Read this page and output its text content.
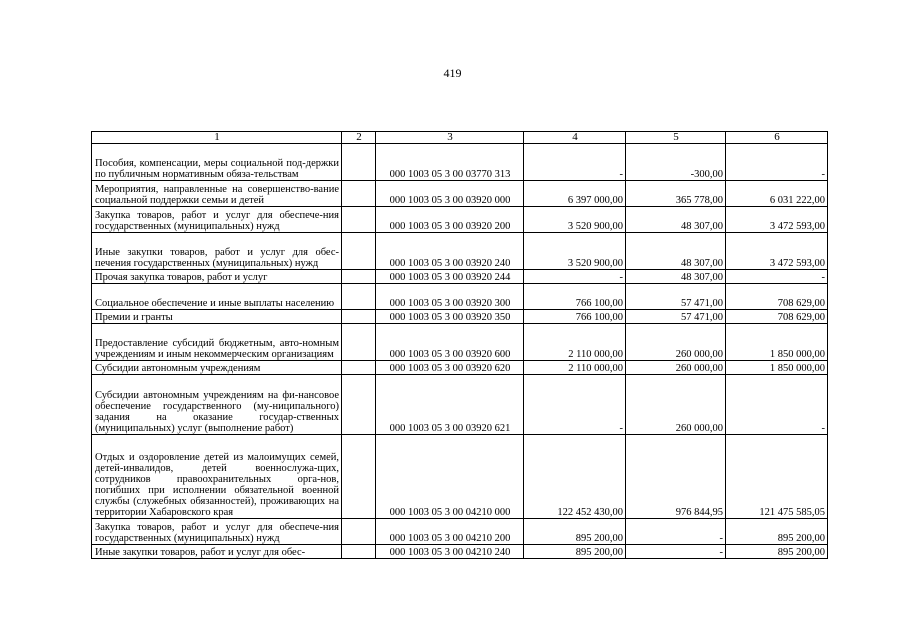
419
1	2	3	4	5	6
Пособия, компенсации, меры социальной под-держки по публичным нормативным обяза-тельствам		000 1003 05 3 00 03770 313	-	-300,00	-
Мероприятия, направленные на совершенство-вание социальной поддержки семьи и детей		000 1003 05 3 00 03920 000	6 397 000,00	365 778,00	6 031 222,00
Закупка товаров, работ и услуг для обеспече-ния государственных (муниципальных) нужд		000 1003 05 3 00 03920 200	3 520 900,00	48 307,00	3 472 593,00
Иные закупки товаров, работ и услуг для обес-печения государственных (муниципальных) нужд		000 1003 05 3 00 03920 240	3 520 900,00	48 307,00	3 472 593,00
Прочая закупка товаров, работ и услуг		000 1003 05 3 00 03920 244	-	48 307,00	-
Социальное обеспечение и иные выплаты населению		000 1003 05 3 00 03920 300	766 100,00	57 471,00	708 629,00
Премии и гранты		000 1003 05 3 00 03920 350	766 100,00	57 471,00	708 629,00
Предоставление субсидий бюджетным, авто-номным учреждениям и иным некоммерческим организациям		000 1003 05 3 00 03920 600	2 110 000,00	260 000,00	1 850 000,00
Субсидии автономным учреждениям		000 1003 05 3 00 03920 620	2 110 000,00	260 000,00	1 850 000,00
Субсидии автономным учреждениям на фи-нансовое обеспечение государственного (му-ниципального) задания на оказание государ-ственных (муниципальных) услуг (выполнение работ)		000 1003 05 3 00 03920 621	-	260 000,00	-
Отдых и оздоровление детей из малоимущих семей, детей-инвалидов, детей военнослужа-щих, сотрудников правоохранительных орга-нов, погибших при исполнении обязательной военной службы (служебных обязанностей), проживающих на территории Хабаровского края		000 1003 05 3 00 04210 000	122 452 430,00	976 844,95	121 475 585,05
Закупка товаров, работ и услуг для обеспече-ния государственных (муниципальных) нужд		000 1003 05 3 00 04210 200	895 200,00	-	895 200,00
Иные закупки товаров, работ и услуг для обес-		000 1003 05 3 00 04210 240	895 200,00	-	895 200,00
